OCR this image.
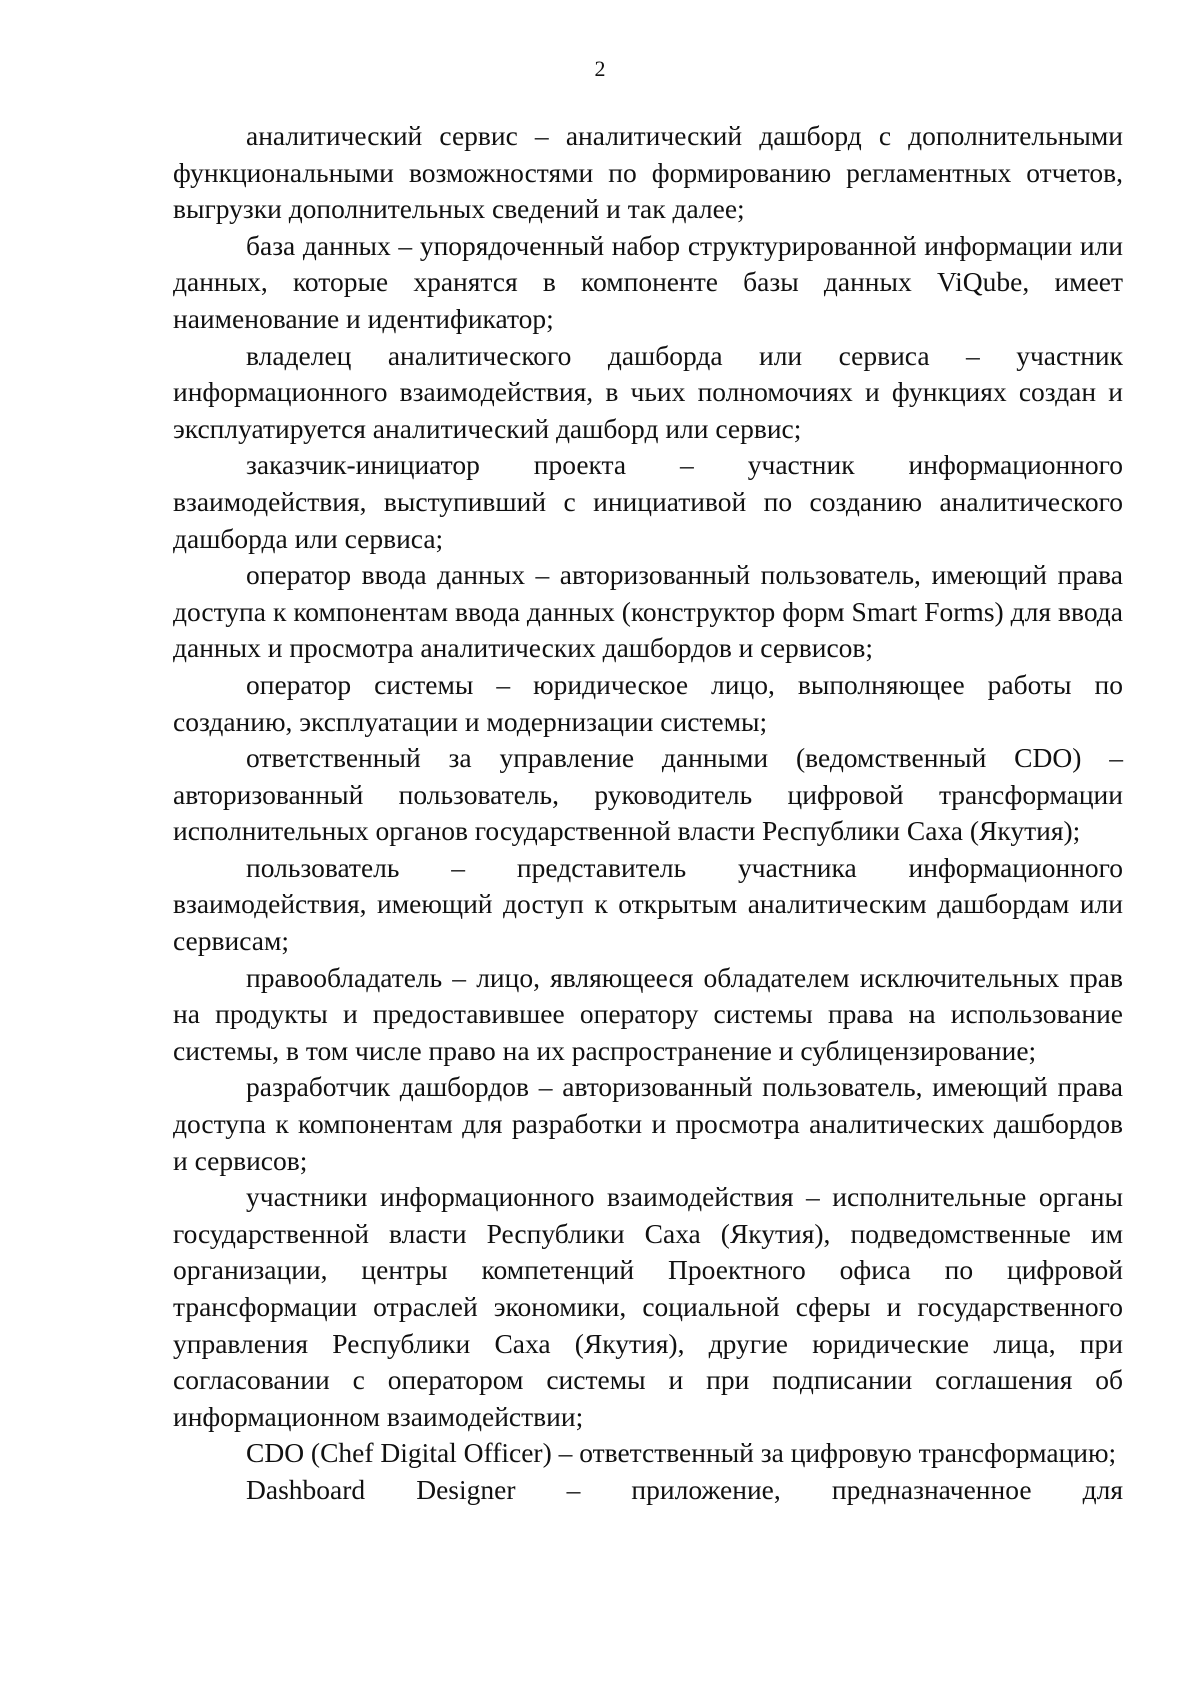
2

аналитический сервис – аналитический дашборд с дополнительными функциональными возможностями по формированию регламентных отчетов, выгрузки дополнительных сведений и так далее;

база данных – упорядоченный набор структурированной информации или данных, которые хранятся в компоненте базы данных ViQube, имеет наименование и идентификатор;

владелец аналитического дашборда или сервиса – участник информационного взаимодействия, в чьих полномочиях и функциях создан и эксплуатируется аналитический дашборд или сервис;

заказчик-инициатор проекта – участник информационного взаимодействия, выступивший с инициативой по созданию аналитического дашборда или сервиса;

оператор ввода данных – авторизованный пользователь, имеющий права доступа к компонентам ввода данных (конструктор форм Smart Forms) для ввода данных и просмотра аналитических дашбордов и сервисов;

оператор системы – юридическое лицо, выполняющее работы по созданию, эксплуатации и модернизации системы;

ответственный за управление данными (ведомственный CDO) – авторизованный пользователь, руководитель цифровой трансформации исполнительных органов государственной власти Республики Саха (Якутия);

пользователь – представитель участника информационного взаимодействия, имеющий доступ к открытым аналитическим дашбордам или сервисам;

правообладатель – лицо, являющееся обладателем исключительных прав на продукты и предоставившее оператору системы права на использование системы, в том числе право на их распространение и сублицензирование;

разработчик дашбордов – авторизованный пользователь, имеющий права доступа к компонентам для разработки и просмотра аналитических дашбордов и сервисов;

участники информационного взаимодействия – исполнительные органы государственной власти Республики Саха (Якутия), подведомственные им организации, центры компетенций Проектного офиса по цифровой трансформации отраслей экономики, социальной сферы и государственного управления Республики Саха (Якутия), другие юридические лица, при согласовании с оператором системы и при подписании соглашения об информационном взаимодействии;

CDO (Chef Digital Officer) – ответственный за цифровую трансформацию;

Dashboard Designer – приложение, предназначенное для
